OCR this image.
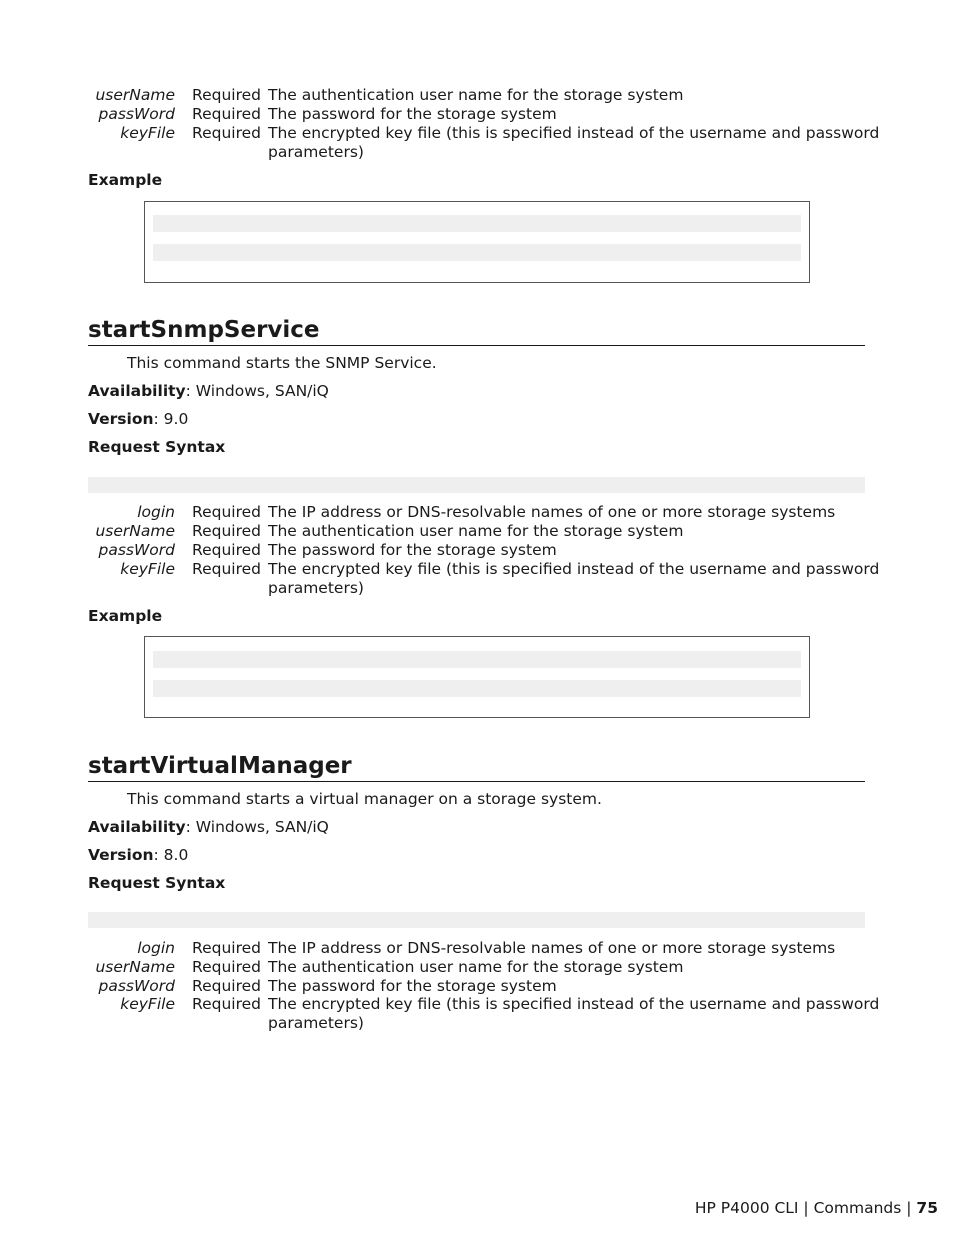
userName Required The authentication user name for the storage system
passWord Required The password for the storage system
keyFile Required The encrypted key file (this is specified instead of the username and password
parameters)
Example
startSnmpService
This command starts the SNMP Service.
Availability: Windows, SAN/iQ
Version: 9.0
Request Syntax
login Required The IP address or DNS-resolvable names of one or more storage systems
userName Required The authentication user name for the storage system
passWord Required The password for the storage system
keyFile Required The encrypted key file (this is specified instead of the username and password
parameters)
Example
startVirtualManager
This command starts a virtual manager on a storage system.
Availability: Windows, SAN/iQ
Version: 8.0
Request Syntax
login Required The IP address or DNS-resolvable names of one or more storage systems
userName Required The authentication user name for the storage system
passWord Required The password for the storage system
keyFile Required The encrypted key file (this is specified instead of the username and password
parameters)
HP P4000 CLI | Commands | 75
